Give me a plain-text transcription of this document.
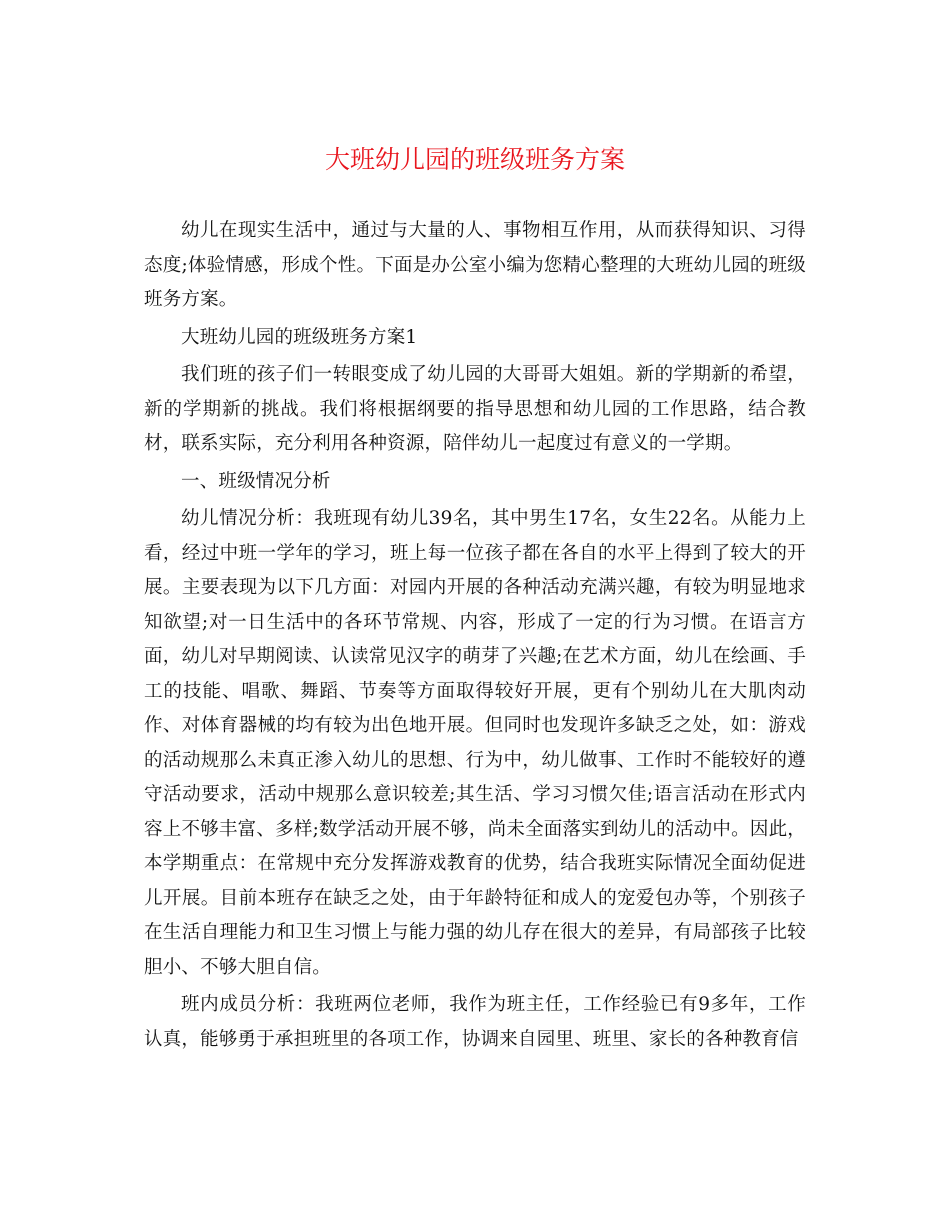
大班幼儿园的班级班务方案

幼儿在现实生活中，通过与大量的人、事物相互作用，从而获得知识、习得态度;体验情感，形成个性。下面是办公室小编为您精心整理的大班幼儿园的班级班务方案。

大班幼儿园的班级班务方案1

我们班的孩子们一转眼变成了幼儿园的大哥哥大姐姐。新的学期新的希望，新的学期新的挑战。我们将根据纲要的指导思想和幼儿园的工作思路，结合教材，联系实际，充分利用各种资源，陪伴幼儿一起度过有意义的一学期。

一、班级情况分析

幼儿情况分析：我班现有幼儿39名，其中男生17名，女生22名。从能力上看，经过中班一学年的学习，班上每一位孩子都在各自的水平上得到了较大的开展。主要表现为以下几方面：对园内开展的各种活动充满兴趣，有较为明显地求知欲望;对一日生活中的各环节常规、内容，形成了一定的行为习惯。在语言方面，幼儿对早期阅读、认读常见汉字的萌芽了兴趣;在艺术方面，幼儿在绘画、手工的技能、唱歌、舞蹈、节奏等方面取得较好开展，更有个别幼儿在大肌肉动作、对体育器械的均有较为出色地开展。但同时也发现许多缺乏之处，如：游戏的活动规那么未真正渗入幼儿的思想、行为中，幼儿做事、工作时不能较好的遵守活动要求，活动中规那么意识较差;其生活、学习习惯欠佳;语言活动在形式内容上不够丰富、多样;数学活动开展不够，尚未全面落实到幼儿的活动中。因此，本学期重点：在常规中充分发挥游戏教育的优势，结合我班实际情况全面幼促进儿开展。目前本班存在缺乏之处，由于年龄特征和成人的宠爱包办等，个别孩子在生活自理能力和卫生习惯上与能力强的幼儿存在很大的差异，有局部孩子比较胆小、不够大胆自信。

班内成员分析：我班两位老师，我作为班主任，工作经验已有9多年，工作认真，能够勇于承担班里的各项工作，协调来自园里、班里、家长的各种教育信
